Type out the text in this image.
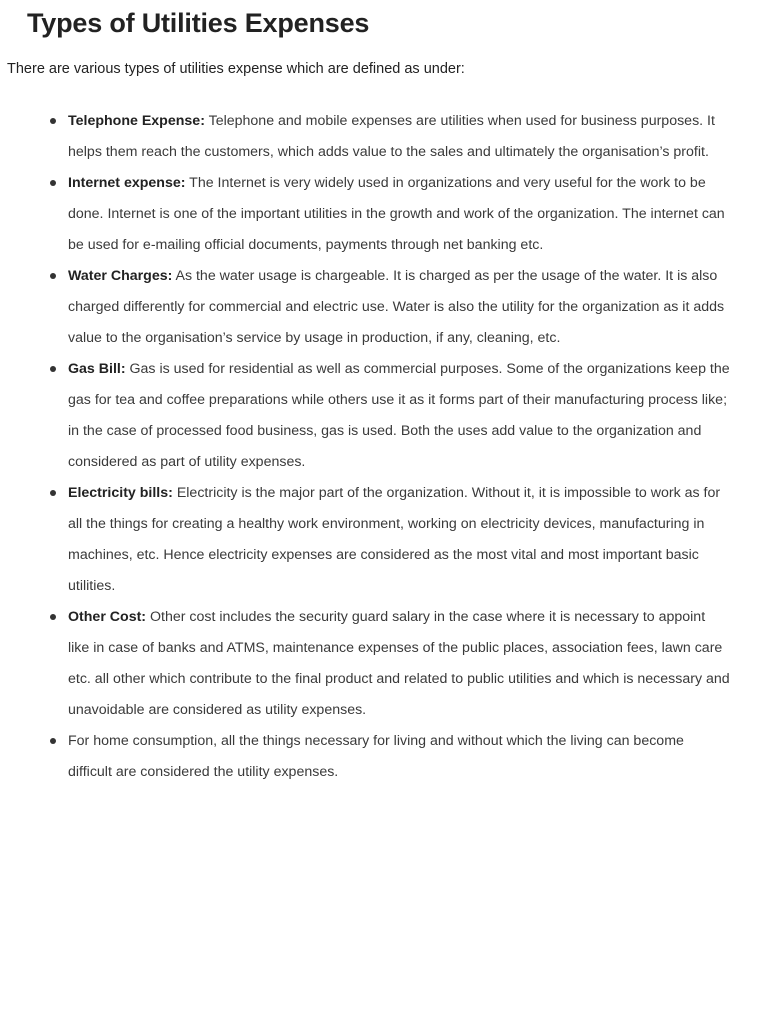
Types of Utilities Expenses

There are various types of utilities expense which are defined as under:

Telephone Expense: Telephone and mobile expenses are utilities when used for business purposes. It helps them reach the customers, which adds value to the sales and ultimately the organisation’s profit.
Internet expense: The Internet is very widely used in organizations and very useful for the work to be done. Internet is one of the important utilities in the growth and work of the organization. The internet can be used for e-mailing official documents, payments through net banking etc.
Water Charges: As the water usage is chargeable. It is charged as per the usage of the water. It is also charged differently for commercial and electric use. Water is also the utility for the organization as it adds value to the organisation’s service by usage in production, if any, cleaning, etc.
Gas Bill: Gas is used for residential as well as commercial purposes. Some of the organizations keep the gas for tea and coffee preparations while others use it as it forms part of their manufacturing process like; in the case of processed food business, gas is used. Both the uses add value to the organization and considered as part of utility expenses.
Electricity bills: Electricity is the major part of the organization. Without it, it is impossible to work as for all the things for creating a healthy work environment, working on electricity devices, manufacturing in machines, etc. Hence electricity expenses are considered as the most vital and most important basic utilities.
Other Cost: Other cost includes the security guard salary in the case where it is necessary to appoint like in case of banks and ATMS, maintenance expenses of the public places, association fees, lawn care etc. all other which contribute to the final product and related to public utilities and which is necessary and unavoidable are considered as utility expenses.
For home consumption, all the things necessary for living and without which the living can become difficult are considered the utility expenses.
